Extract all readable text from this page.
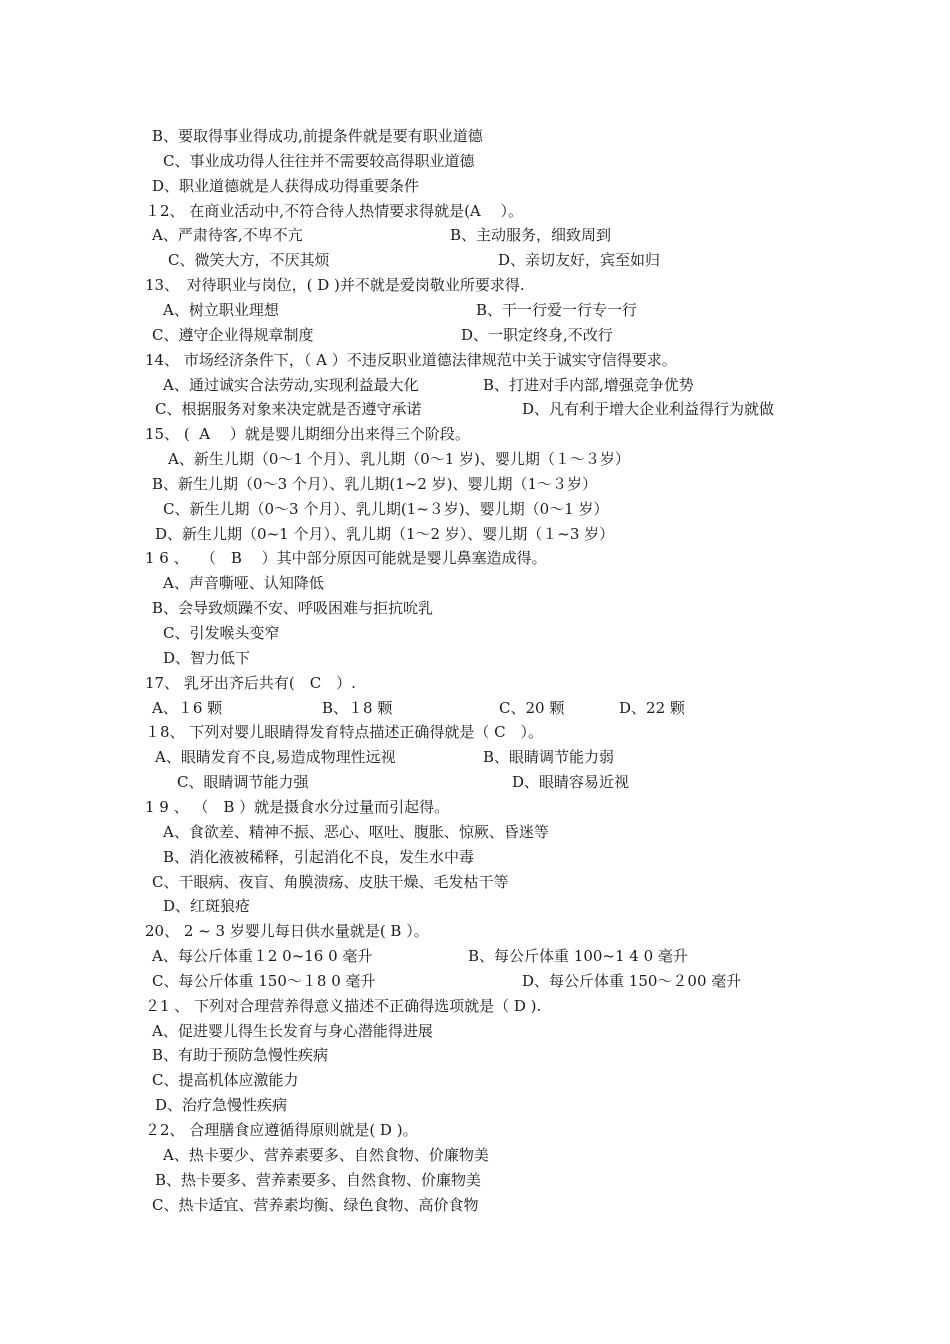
B、要取得事业得成功,前提条件就是要有职业道德
C、事业成功得人往往并不需要较高得职业道德
D、职业道德就是人获得成功得重要条件
１2、 在商业活动中,不符合待人热情要求得就是(A　 ）。
A、严肃待客,不卑不亢	B、主动服务，细致周到
C、微笑大方，不厌其烦	D、亲切友好，宾至如归
13、　对待职业与岗位，( D )并不就是爱岗敬业所要求得.
A、树立职业理想	B、干一行爱一行专一行
C、遵守企业得规章制度	D、一职定终身,不改行
14、 市场经济条件下，（ A ）不违反职业道德法律规范中关于诚实守信得要求。
A、通过诚实合法劳动,实现利益最大化	B、打进对手内部,增强竞争优势
C、根据服务对象来决定就是否遵守承诺	D、凡有利于增大企业利益得行为就做
15、 (  A　 ）就是婴儿期细分出来得三个阶段。
A、新生儿期（0～1 个月）、乳儿期（0～1 岁)、婴儿期（１～３岁）
B、新生儿期（0～3 个月）、乳儿期(1~2 岁)、婴儿期（1～３岁）
C、新生儿期（0～3 个月）、乳儿期(1~３岁)、婴儿期（0～1 岁）
D、新生儿期（0~1 个月）、乳儿期（1～2 岁）、婴儿期（１~3 岁）
1 6 、　 （　B　 ）其中部分原因可能就是婴儿鼻塞造成得。
A、声音嘶哑、认知降低
B、会导致烦躁不安、呼吸困难与拒抗吮乳
C、引发喉头变窄
D、智力低下
17、 乳牙出齐后共有(　C　）.
A、１6 颗	B、１8 颗	C、20 颗	D、22 颗
１8、 下列对婴儿眼睛得发育特点描述正确得就是（ C　）。
A、眼睛发育不良,易造成物理性远视	B、眼睛调节能力弱
C、眼睛调节能力强	D、眼睛容易近视
1 9 、 （　B ）就是摄食水分过量而引起得。
A、食欲差、精神不振、恶心、呕吐、腹胀、惊厥、昏迷等
B、消化液被稀释，引起消化不良，发生水中毒
C、干眼病、夜盲、角膜溃疡、皮肤干燥、毛发枯干等
D、红斑狼疮
20、 2 ~ 3 岁婴儿每日供水量就是( B ）。
A、每公斤体重１2 0~16 0 毫升	B、每公斤体重 100~1 4 0 毫升
C、每公斤体重 150～１8 0 毫升	D、每公斤体重 150～２00 毫升
２1 、 下列对合理营养得意义描述不正确得选项就是（ D ).
A、促进婴儿得生长发育与身心潜能得进展
B、有助于预防急慢性疾病
C、提高机体应激能力
D、治疗急慢性疾病
２2、 合理膳食应遵循得原则就是( D )。
A、热卡要少、营养素要多、自然食物、价廉物美
B、热卡要多、营养素要多、自然食物、价廉物美
C、热卡适宜、营养素均衡、绿色食物、高价食物
